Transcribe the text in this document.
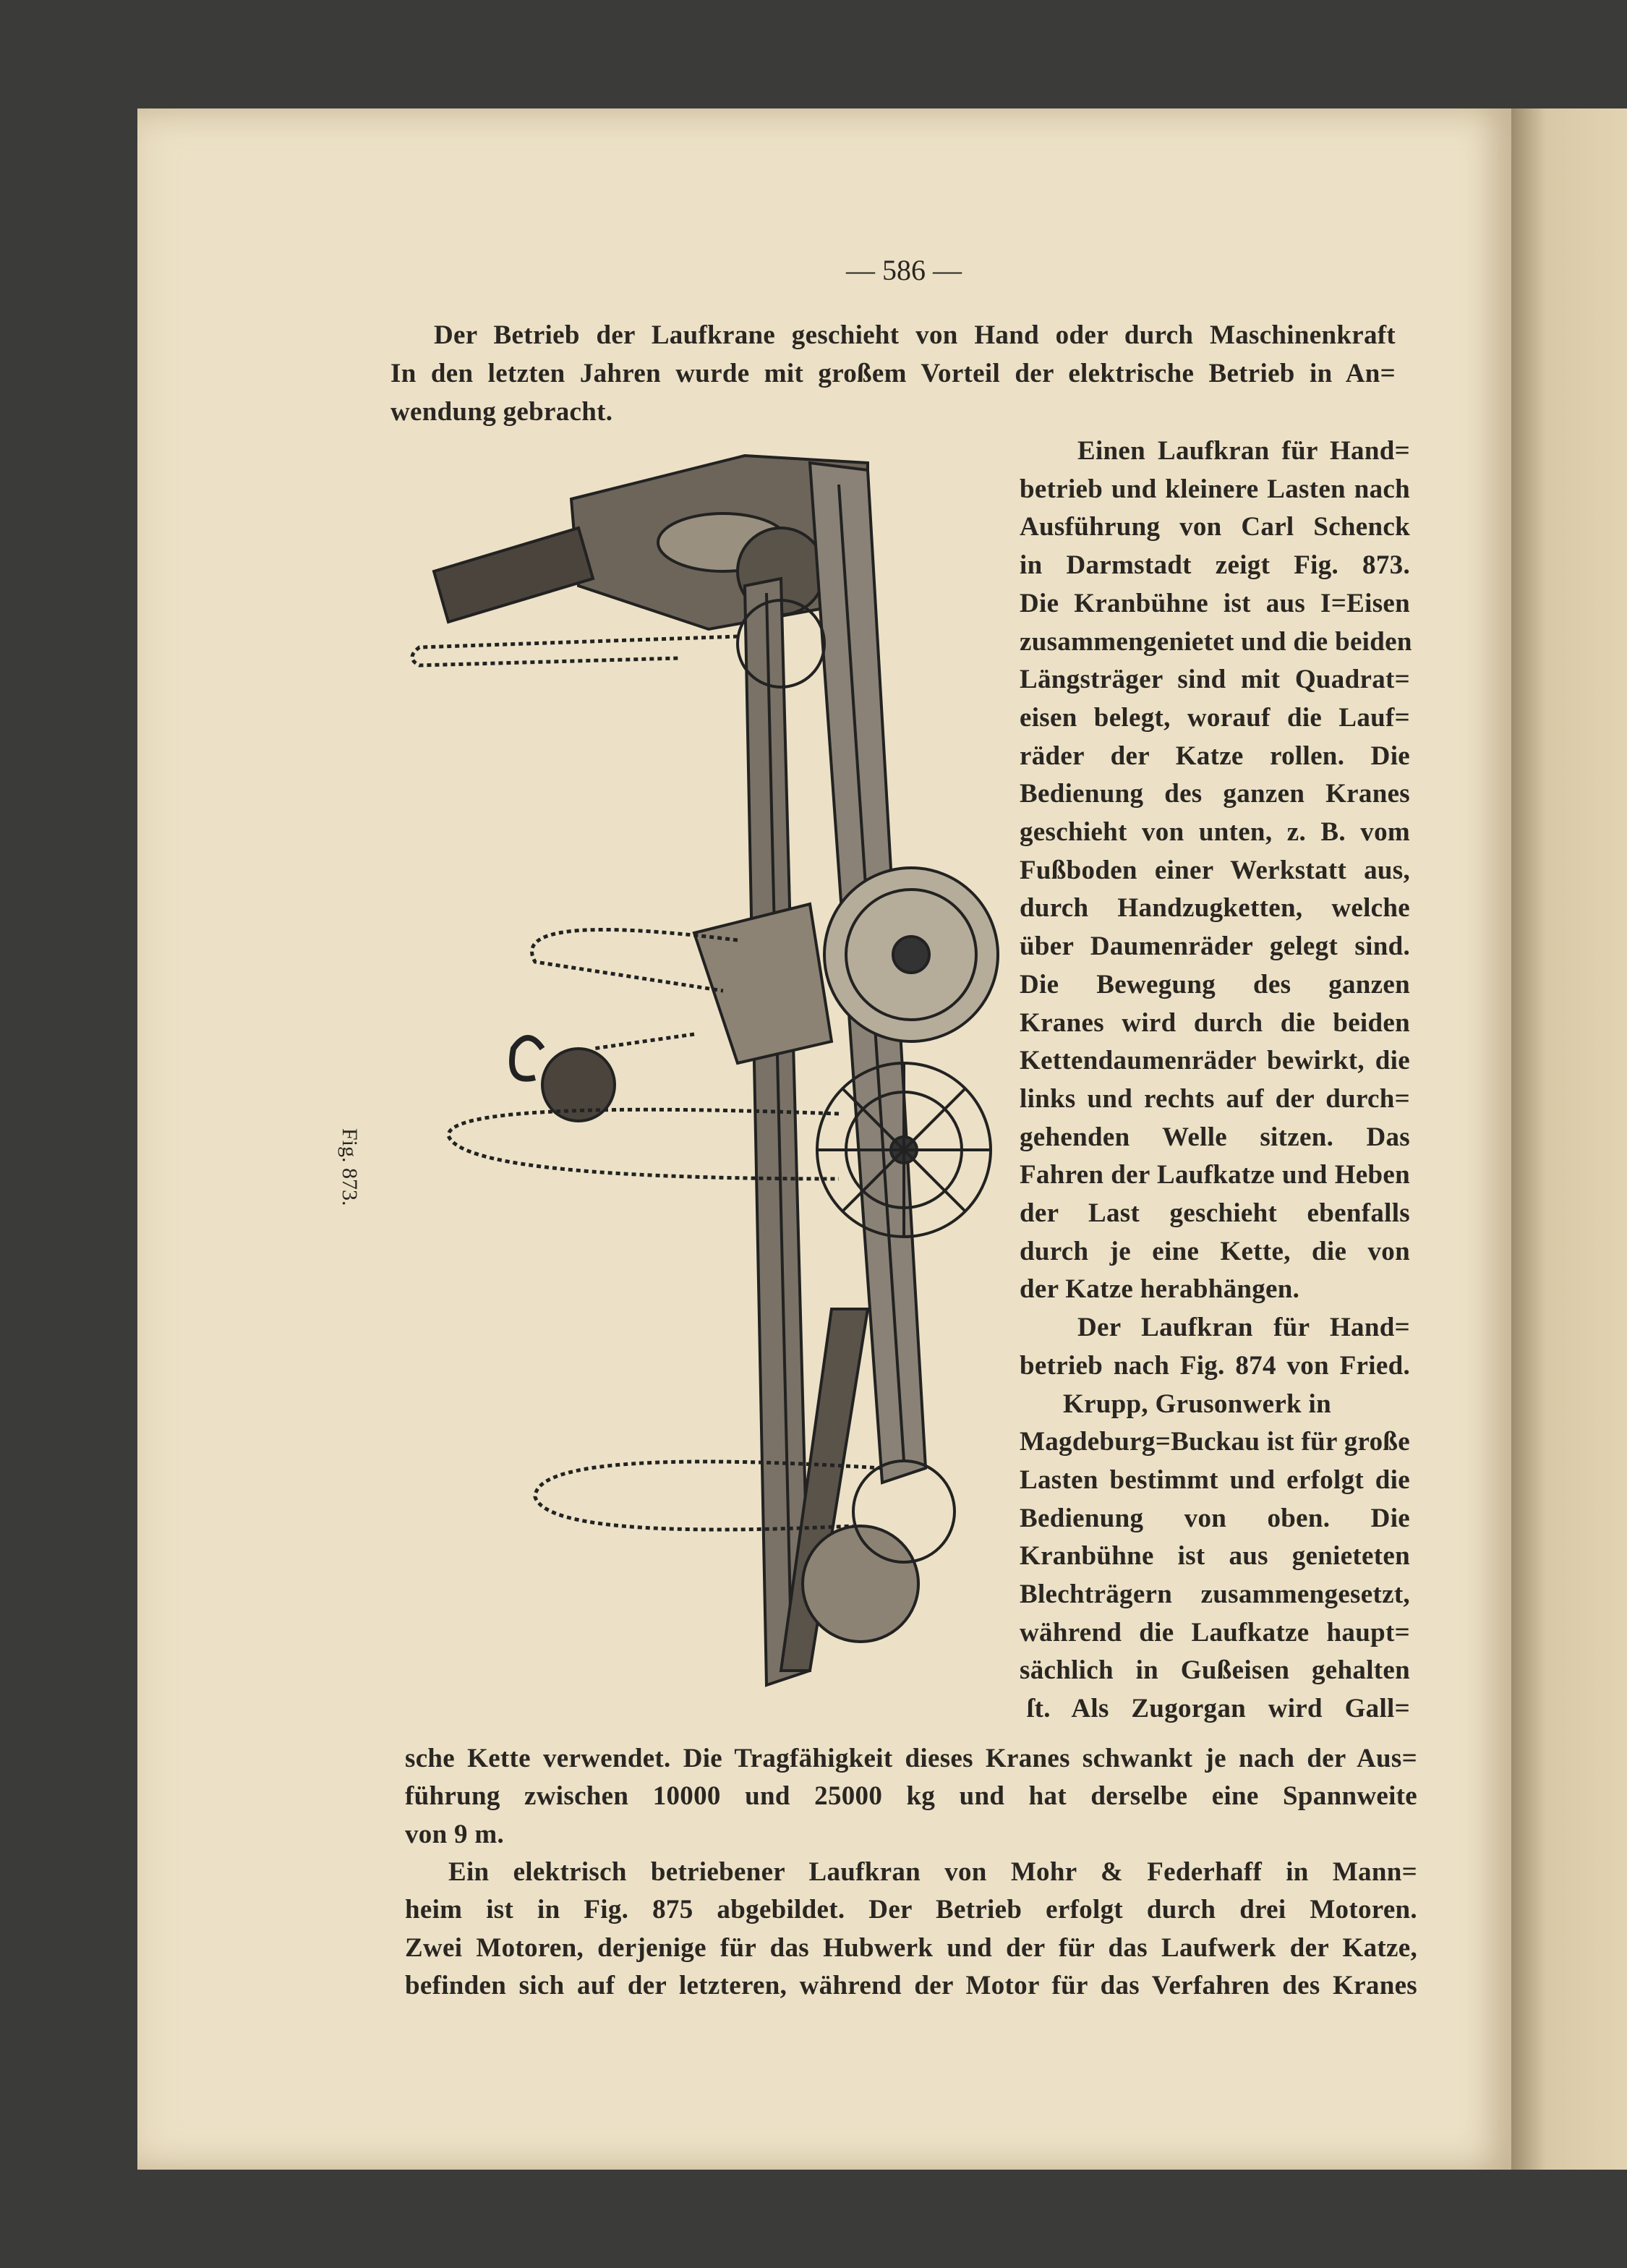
— 586 —
Der Betrieb der Laufkrane geschieht von Hand oder durch Maschinenkraft
In den letzten Jahren wurde mit großem Vorteil der elektrische Betrieb in An=
wendung gebracht.
Einen Laufkran für Hand=
betrieb und kleinere Lasten nach
Ausführung von Carl Schenck
in Darmstadt zeigt Fig. 873.
Die Kranbühne ist aus I=Eisen
zusammengenietet und die beiden
Längsträger sind mit Quadrat=
eisen belegt, worauf die Lauf=
räder der Katze rollen. Die
Bedienung des ganzen Kranes
geschieht von unten, z. B. vom
Fußboden einer Werkstatt aus,
durch Handzugketten, welche
über Daumenräder gelegt sind.
Die Bewegung des ganzen
Kranes wird durch die beiden
Kettendaumenräder bewirkt, die
links und rechts auf der durch=
gehenden Welle sitzen. Das
Fahren der Laufkatze und Heben
der Last geschieht ebenfalls
durch je eine Kette, die von
der Katze herabhängen.
Der Laufkran für Hand=
betrieb nach Fig. 874 von Fried.
Krupp, Grusonwerk in
Magdeburg=Buckau ist für große
Lasten bestimmt und erfolgt die
Bedienung von oben. Die
Kranbühne ist aus genieteten
Blechträgern zusammengesetzt,
während die Laufkatze haupt=
sächlich in Gußeisen gehalten
ſt. Als Zugorgan wird Gall=
sche Kette verwendet. Die Tragfähigkeit dieses Kranes schwankt je nach der Aus=
führung zwischen 10000 und 25000 kg und hat derselbe eine Spannweite
von 9 m.
Ein elektrisch betriebener Laufkran von Mohr & Federhaff in Mann=
heim ist in Fig. 875 abgebildet. Der Betrieb erfolgt durch drei Motoren.
Zwei Motoren, derjenige für das Hubwerk und der für das Laufwerk der Katze,
befinden sich auf der letzteren, während der Motor für das Verfahren des Kranes
Fig. 873.
